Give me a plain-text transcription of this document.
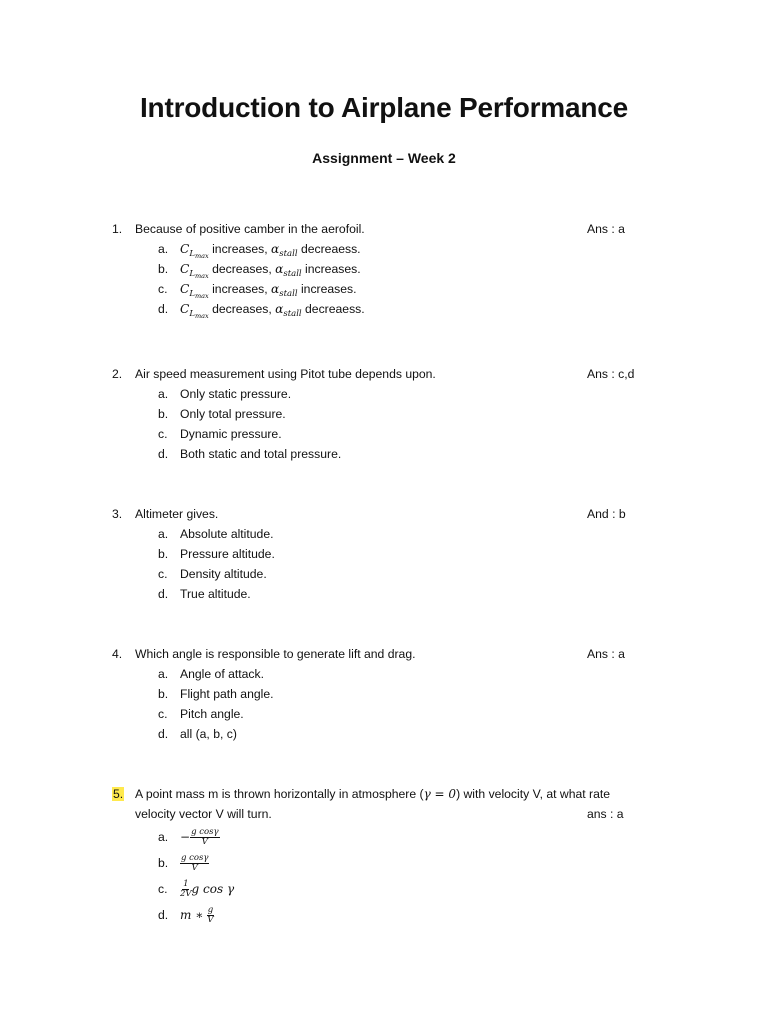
Introduction to Airplane Performance
Assignment – Week 2
1. Because of positive camber in the aerofoil.	Ans : a
a. $C_{L_{max}}$ increases, $\alpha_{stall}$ decreaess.
b. $C_{L_{max}}$ decreases, $\alpha_{stall}$ increases.
c. $C_{L_{max}}$ increases, $\alpha_{stall}$ increases.
d. $C_{L_{max}}$ decreases, $\alpha_{stall}$ decreaess.
2. Air speed measurement using Pitot tube depends upon.	Ans : c,d
a. Only static pressure.
b. Only total pressure.
c. Dynamic pressure.
d. Both static and total pressure.
3. Altimeter gives.	And : b
a. Absolute altitude.
b. Pressure altitude.
c. Density altitude.
d. True altitude.
4. Which angle is responsible to generate lift and drag.	Ans : a
a. Angle of attack.
b. Flight path angle.
c. Pitch angle.
d. all (a, b, c)
5. A point mass m is thrown horizontally in atmosphere (γ = 0) with velocity V, at what rate
velocity vector V will turn.	ans : a
a. − $\frac{\text{g cosγ}}{V}$
b. $\frac{\text{g cosγ}}{V}$
c. $\frac{1}{2V}$ g cos γ
d. m ∗ $\frac{g}{V}$
